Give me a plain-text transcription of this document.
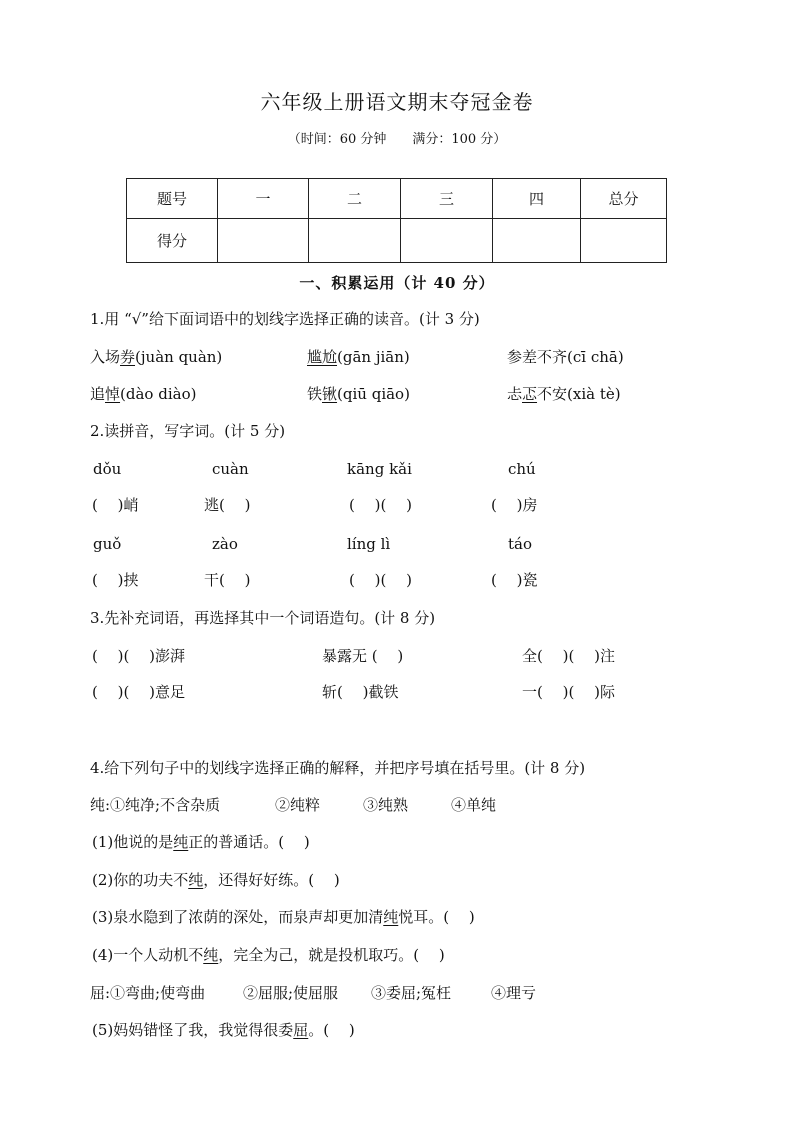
六年级上册语文期末夺冠金卷
（时间：60 分钟　　满分：100 分）
题号	一	二	三	四	总分
得分					
一、积累运用（计 40 分）
1.用 “√”给下面词语中的划线字选择正确的读音。(计 3 分)
入场券(juàn quàn)	尴尬(gān jiān)	参差不齐(cī chā)
追悼(dào diào)	铁锹(qiū qiāo)	忐忑不安(xià tè)
2.读拼音，写字词。(计 5 分)
dǒu	cuàn	kāng kǎi	chú
(　 )峭	逃(　 )	(　 )(　 )	(　 )房
guǒ	zào	líng lì	táo
(　 )挟	干(　 )	(　 )(　 )	(　 )瓷
3.先补充词语，再选择其中一个词语造句。(计 8 分)
(　 )(　 )澎湃	暴露无 (　 )	全(　 )(　 )注
(　 )(　 )意足	斩(　 )截铁	一(　 )(　 )际
4.给下列句子中的划线字选择正确的解释，并把序号填在括号里。(计 8 分)
纯:①纯净;不含杂质	②纯粹	③纯熟	④单纯
(1)他说的是纯正的普通话。(　 )
(2)你的功夫不纯，还得好好练。(　 )
(3)泉水隐到了浓荫的深处，而泉声却更加清纯悦耳。(　 )
(4)一个人动机不纯，完全为己，就是投机取巧。(　 )
屈:①弯曲;使弯曲	②屈服;使屈服 ③委屈;冤枉	④理亏
(5)妈妈错怪了我，我觉得很委屈。(　 )
